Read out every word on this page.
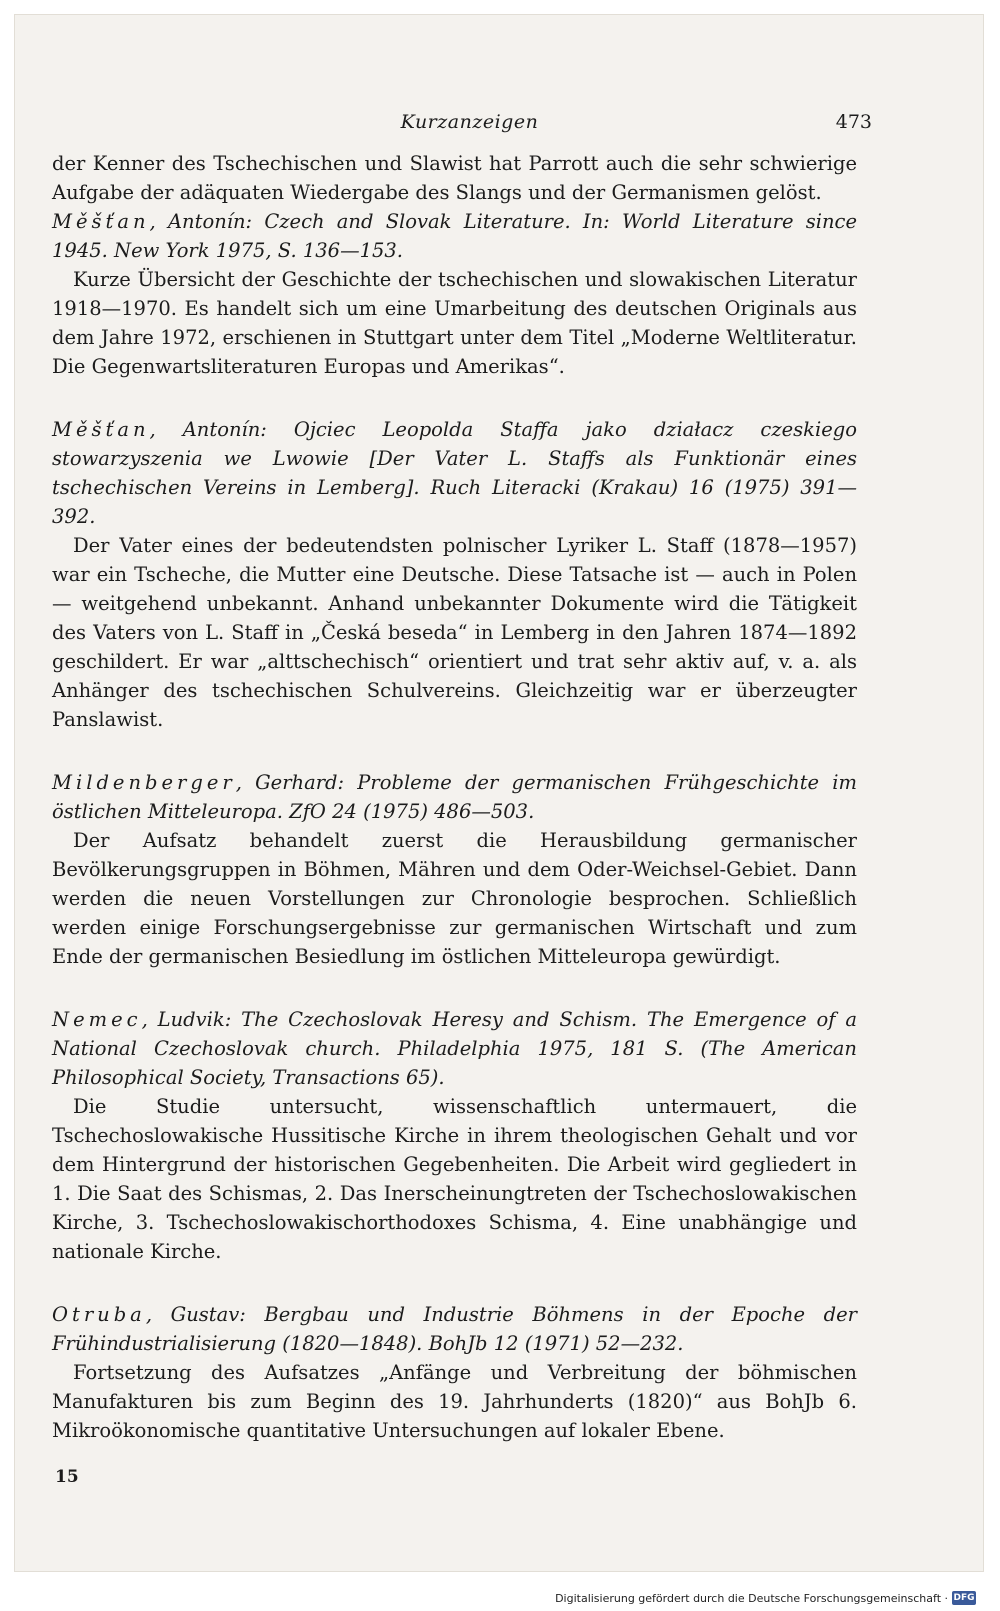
Kurzanzeigen	473

der Kenner des Tschechischen und Slawist hat Parrott auch die sehr schwierige Aufgabe der adäquaten Wiedergabe des Slangs und der Germanismen gelöst.

Měšťan, Antonín: Czech and Slovak Literature. In: World Literature since 1945. New York 1975, S. 136—153.

Kurze Übersicht der Geschichte der tschechischen und slowakischen Literatur 1918—1970. Es handelt sich um eine Umarbeitung des deutschen Originals aus dem Jahre 1972, erschienen in Stuttgart unter dem Titel „Moderne Weltliteratur. Die Gegenwartsliteraturen Europas und Amerikas“.

Měšťan, Antonín: Ojciec Leopolda Staffa jako działacz czeskiego stowarzyszenia we Lwowie [Der Vater L. Staffs als Funktionär eines tschechischen Vereins in Lemberg]. Ruch Literacki (Krakau) 16 (1975) 391—392.

Der Vater eines der bedeutendsten polnischer Lyriker L. Staff (1878—1957) war ein Tscheche, die Mutter eine Deutsche. Diese Tatsache ist — auch in Polen — weitgehend unbekannt. Anhand unbekannter Dokumente wird die Tätigkeit des Vaters von L. Staff in „Česká beseda“ in Lemberg in den Jahren 1874—1892 geschildert. Er war „alttschechisch“ orientiert und trat sehr aktiv auf, v. a. als Anhänger des tschechischen Schulvereins. Gleichzeitig war er überzeugter Panslawist.

Mildenberger, Gerhard: Probleme der germanischen Frühgeschichte im östlichen Mitteleuropa. ZfO 24 (1975) 486—503.

Der Aufsatz behandelt zuerst die Herausbildung germanischer Bevölkerungsgruppen in Böhmen, Mähren und dem Oder-Weichsel-Gebiet. Dann werden die neuen Vorstellungen zur Chronologie besprochen. Schließlich werden einige Forschungsergebnisse zur germanischen Wirtschaft und zum Ende der germanischen Besiedlung im östlichen Mitteleuropa gewürdigt.

Nemec, Ludvik: The Czechoslovak Heresy and Schism. The Emergence of a National Czechoslovak church. Philadelphia 1975, 181 S. (The American Philosophical Society, Transactions 65).

Die Studie untersucht, wissenschaftlich untermauert, die Tschechoslowakische Hussitische Kirche in ihrem theologischen Gehalt und vor dem Hintergrund der historischen Gegebenheiten. Die Arbeit wird gegliedert in 1. Die Saat des Schismas, 2. Das Inerscheinungtreten der Tschechoslowakischen Kirche, 3. Tschechoslowakischorthodoxes Schisma, 4. Eine unabhängige und nationale Kirche.

Otruba, Gustav: Bergbau und Industrie Böhmens in der Epoche der Frühindustrialisierung (1820—1848). BohJb 12 (1971) 52—232.

Fortsetzung des Aufsatzes „Anfänge und Verbreitung der böhmischen Manufakturen bis zum Beginn des 19. Jahrhunderts (1820)“ aus BohJb 6. Mikroökonomische quantitative Untersuchungen auf lokaler Ebene.

15
Digitalisierung gefördert durch die Deutsche Forschungsgemeinschaft · DFG
